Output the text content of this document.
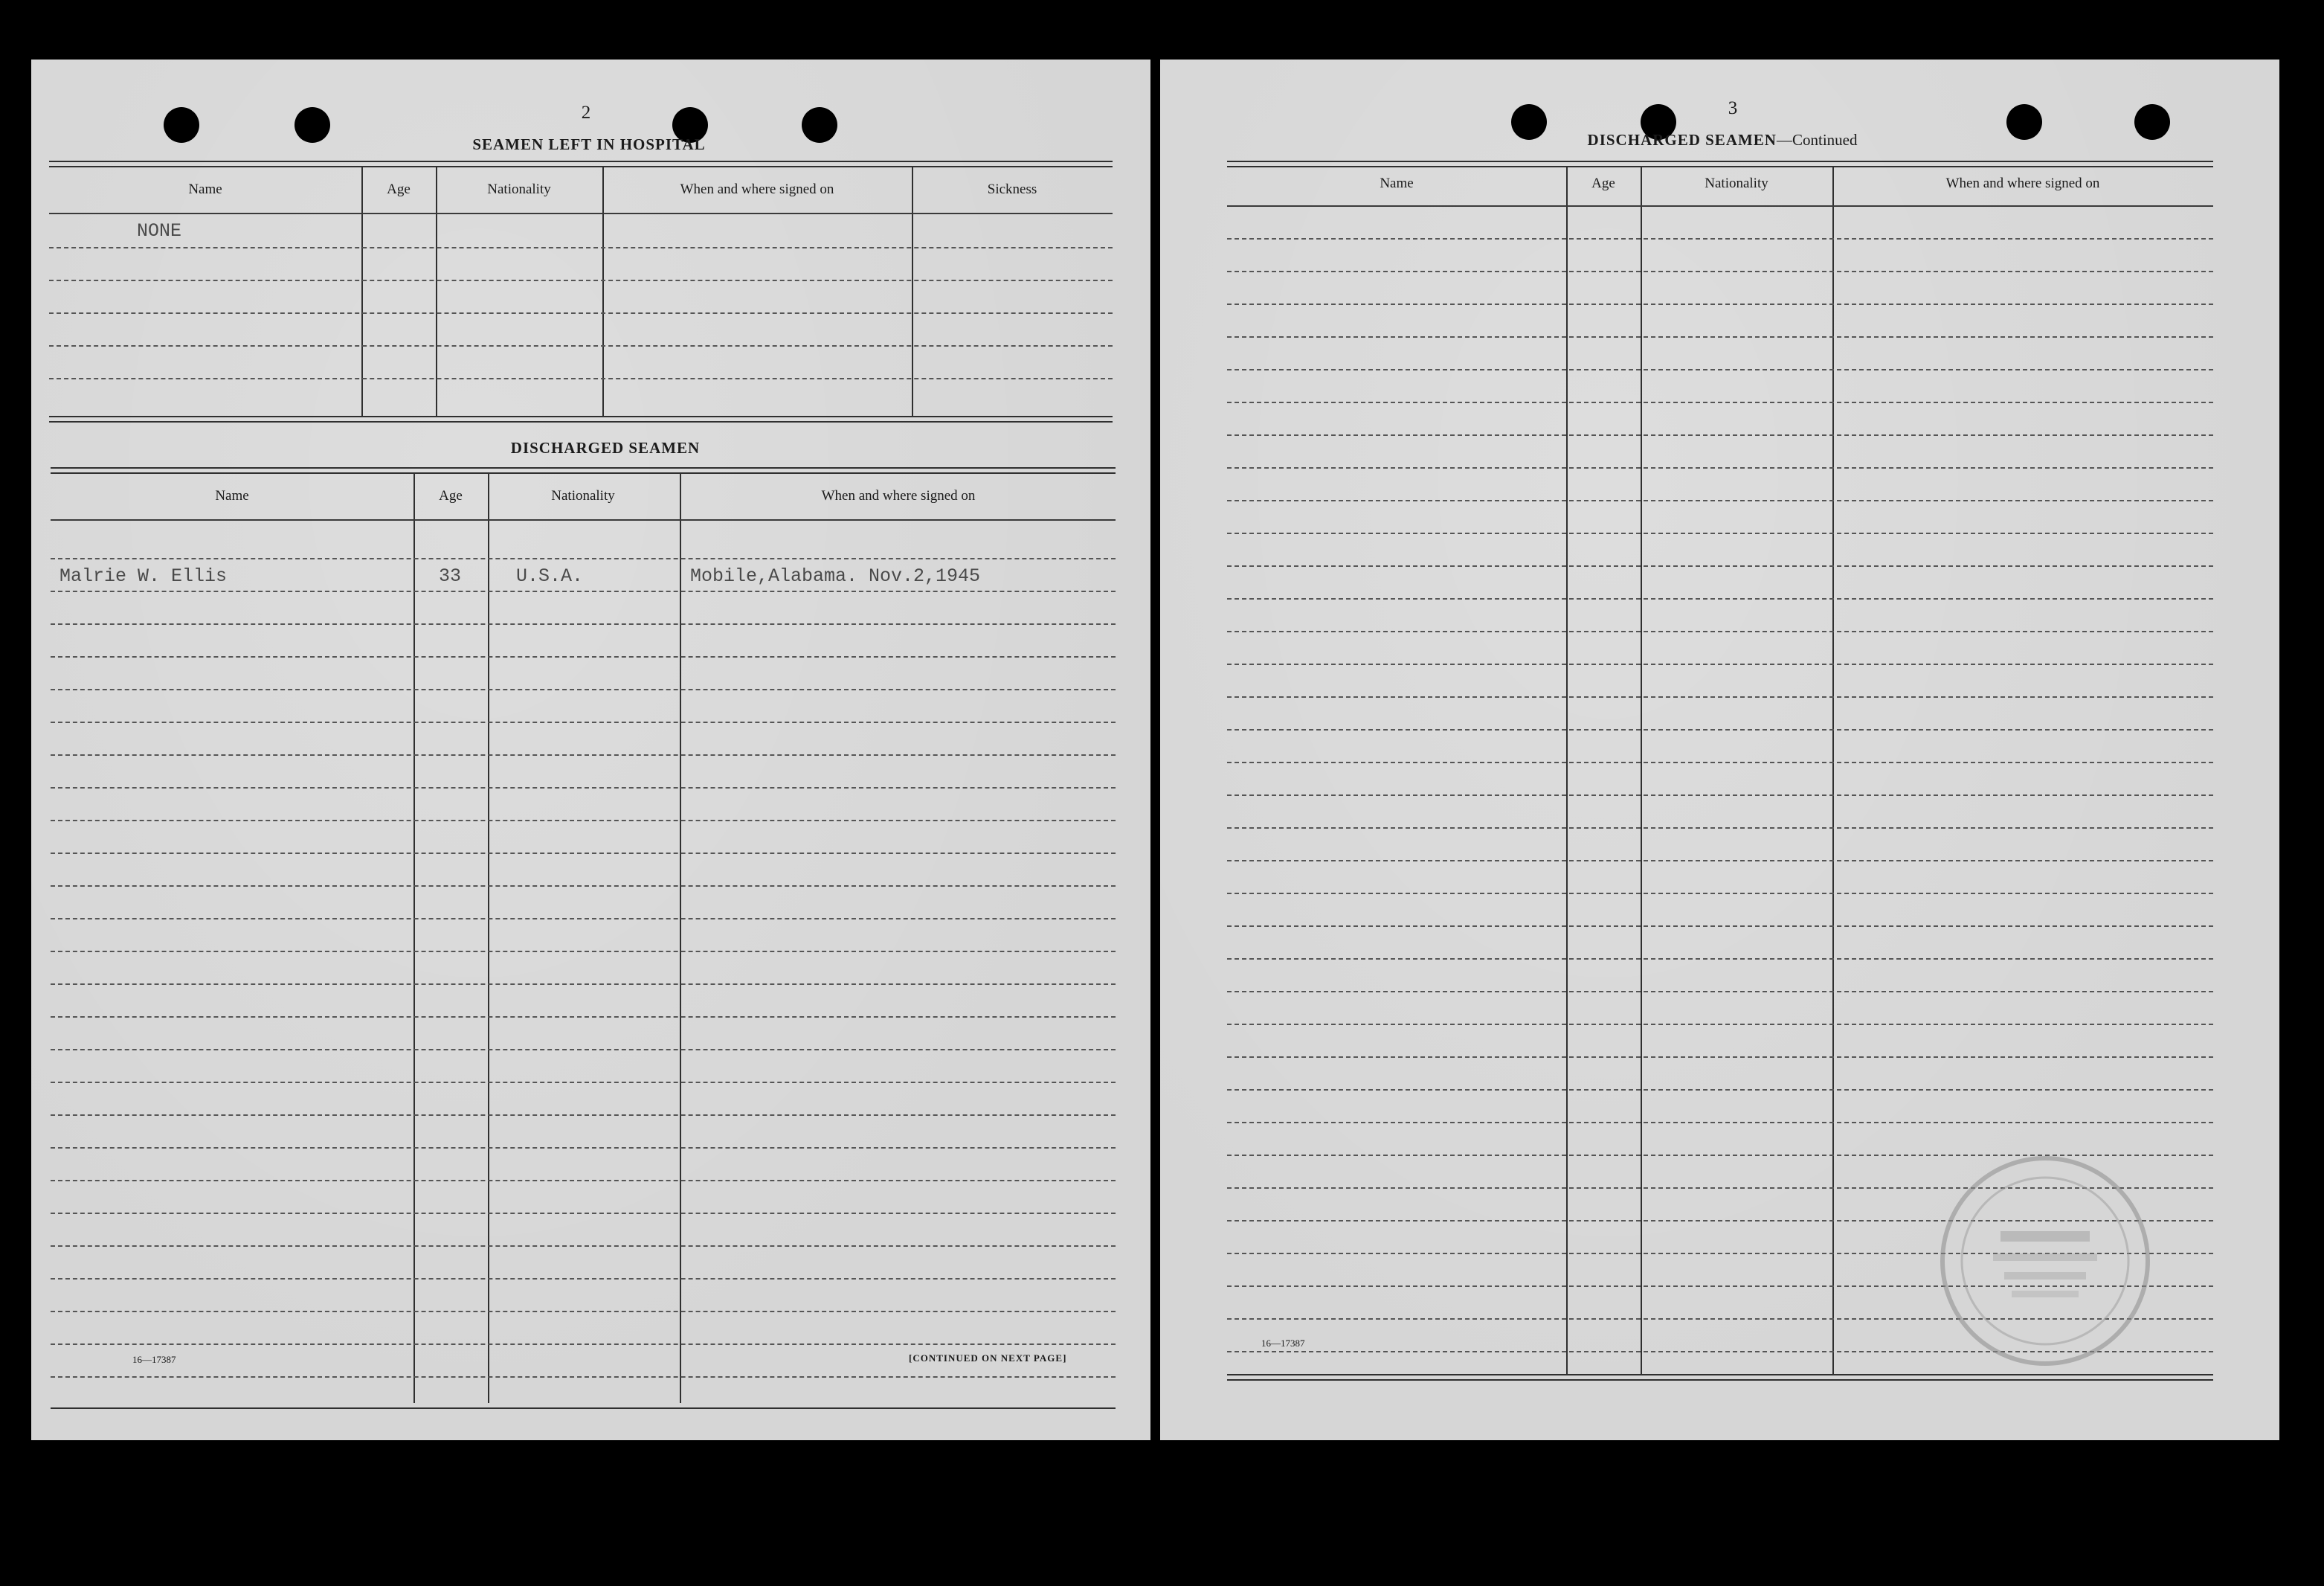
2

SEAMEN LEFT IN HOSPITAL

Name	Age	Nationality	When and where signed on	Sickness

NONE

DISCHARGED SEAMEN

Name	Age	Nationality	When and where signed on

Malrie W. Ellis	33	U.S.A.	Mobile,Alabama. Nov.2,1945

16—17387	[CONTINUED ON NEXT PAGE]

3

DISCHARGED SEAMEN—Continued

Name	Age	Nationality	When and where signed on

16—17387
